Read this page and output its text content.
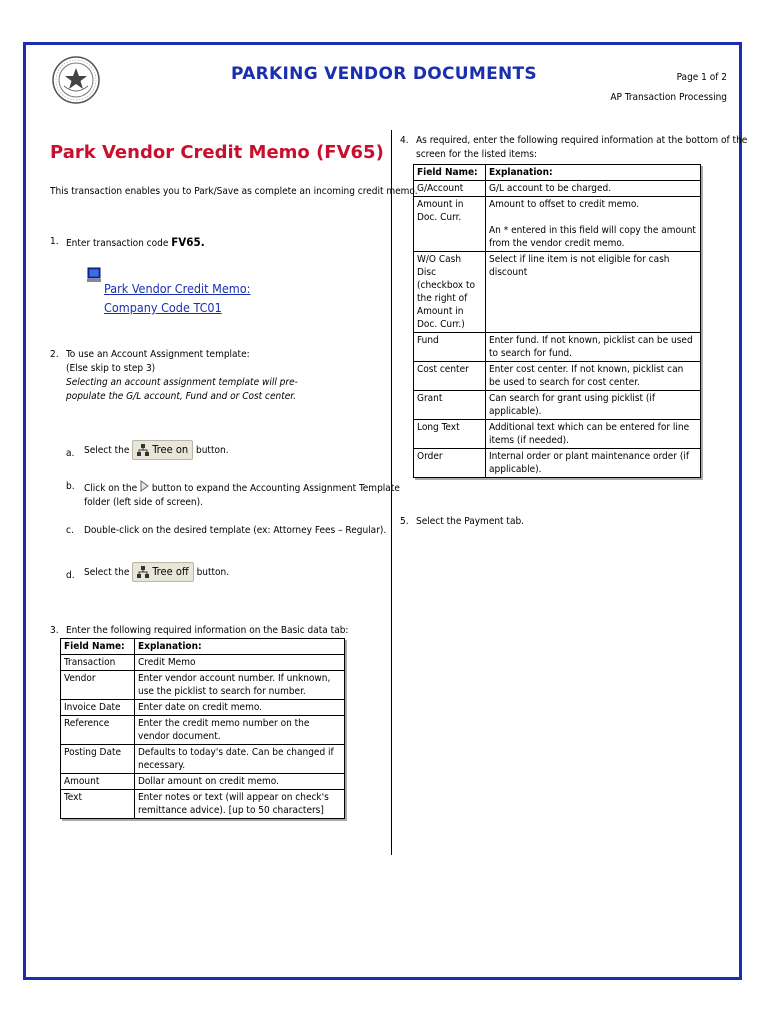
PARKING VENDOR DOCUMENTS	Page 1 of 2
AP Transaction Processing
Park Vendor Credit Memo (FV65)
This transaction enables you to Park/Save as complete an incoming credit memo.
1. Enter transaction code FV65.
Park Vendor Credit Memo:
Company Code TC01
2. To use an Account Assignment template:
(Else skip to step 3)
Selecting an account assignment template will pre-
populate the G/L account, Fund and or Cost center.
a. Select the Tree on button.
b. Click on the button to expand the Accounting Assignment Template
folder (left side of screen).
c. Double-click on the desired template (ex: Attorney Fees – Regular).
d. Select the Tree off button.
3. Enter the following required information on the Basic data tab:
Field Name:	Explanation:
Transaction	Credit Memo
Vendor	Enter vendor account number. If unknown, use the picklist to search for number.
Invoice Date	Enter date on credit memo.
Reference	Enter the credit memo number on the vendor document.
Posting Date	Defaults to today's date. Can be changed if necessary.
Amount	Dollar amount on credit memo.
Text	Enter notes or text (will appear on check's remittance advice). [up to 50 characters]
4. As required, enter the following required information at the bottom of the
screen for the listed items:
Field Name:	Explanation:
G/Account	G/L account to be charged.
Amount in Doc. Curr.	Amount to offset to credit memo.

An * entered in this field will copy the amount from the vendor credit memo.
W/O Cash Disc (checkbox to the right of Amount in Doc. Curr.)	Select if line item is not eligible for cash discount
Fund	Enter fund. If not known, picklist can be used to search for fund.
Cost center	Enter cost center. If not known, picklist can be used to search for cost center.
Grant	Can search for grant using picklist (if applicable).
Long Text	Additional text which can be entered for line items (if needed).
Order	Internal order or plant maintenance order (if applicable).
5. Select the Payment tab.
